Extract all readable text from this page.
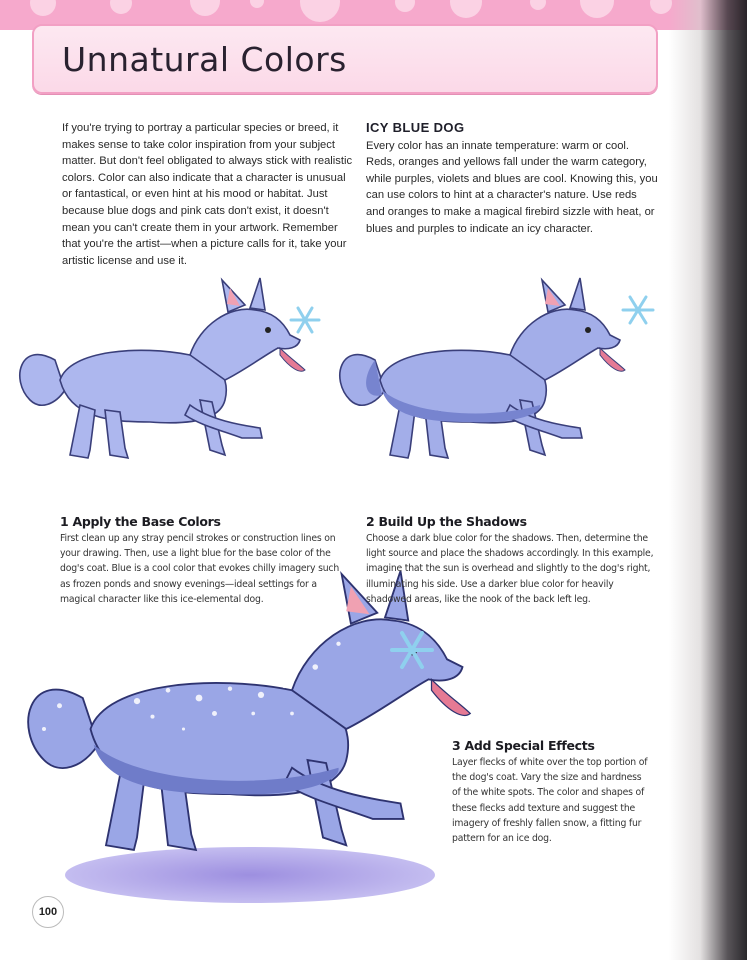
Unnatural Colors
If you're trying to portray a particular species or breed, it makes sense to take color inspiration from your subject matter. But don't feel obligated to always stick with realistic colors. Color can also indicate that a character is unusual or fantastical, or even hint at his mood or habitat. Just because blue dogs and pink cats don't exist, it doesn't mean you can't create them in your artwork. Remember that you're the artist—when a picture calls for it, take your artistic license and use it.
ICY BLUE DOG
Every color has an innate temperature: warm or cool. Reds, oranges and yellows fall under the warm category, while purples, violets and blues are cool. Knowing this, you can use colors to hint at a character's nature. Use reds and oranges to make a magical firebird sizzle with heat, or blues and purples to indicate an icy character.
1 Apply the Base Colors

First clean up any stray pencil strokes or construction lines on your drawing. Then, use a light blue for the base color of the dog's coat. Blue is a cool color that evokes chilly imagery such as frozen ponds and snowy evenings—ideal settings for a magical character like this ice-elemental dog.

2 Build Up the Shadows

Choose a dark blue color for the shadows. Then, determine the light source and place the shadows accordingly. In this example, imagine that the sun is overhead and slightly to the dog's right, illuminating his side. Use a darker blue color for heavily shadowed areas, like the nook of the back left leg.

3 Add Special Effects

Layer flecks of white over the top portion of the dog's coat. Vary the size and hardness of the white spots. The color and shapes of these flecks add texture and suggest the imagery of freshly fallen snow, a fitting fur pattern for an ice dog.

100
